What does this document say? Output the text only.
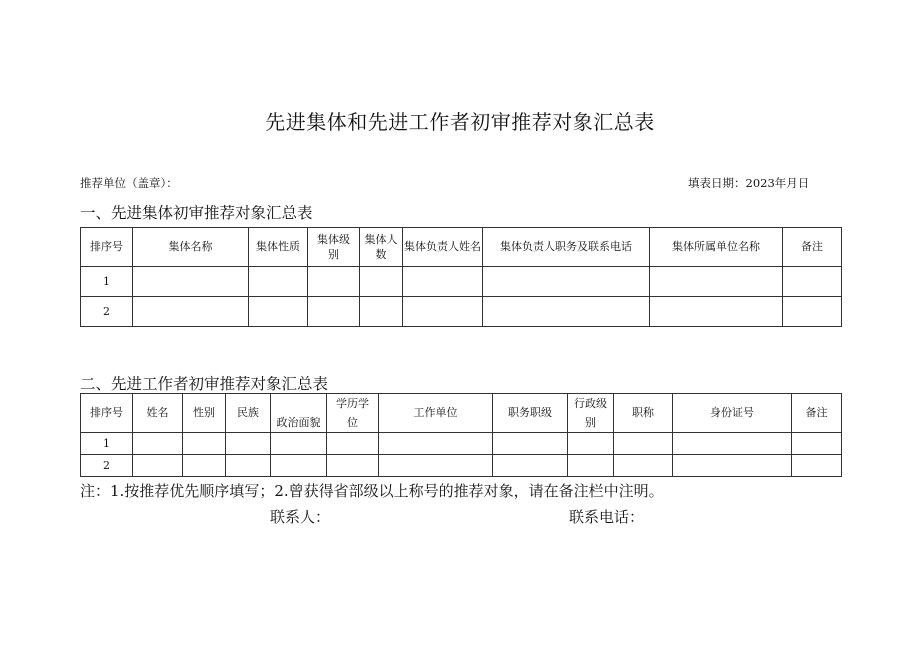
先进集体和先进工作者初审推荐对象汇总表
推荐单位（盖章）：	填表日期：2023年月日
一、先进集体初审推荐对象汇总表
排序号	集体名称	集体性质	集体级别	集体人数	集体负责人姓名	集体负责人职务及联系电话	集体所属单位名称	备注
1								
2								
二、先进工作者初审推荐对象汇总表
排序号	姓名	性别	民族	政治面貌	学历学位	工作单位	职务职级	行政级别	职称	身份证号	备注
1											
2											
注：1.按推荐优先顺序填写；2.曾获得省部级以上称号的推荐对象，请在备注栏中注明。
联系人：	联系电话：
